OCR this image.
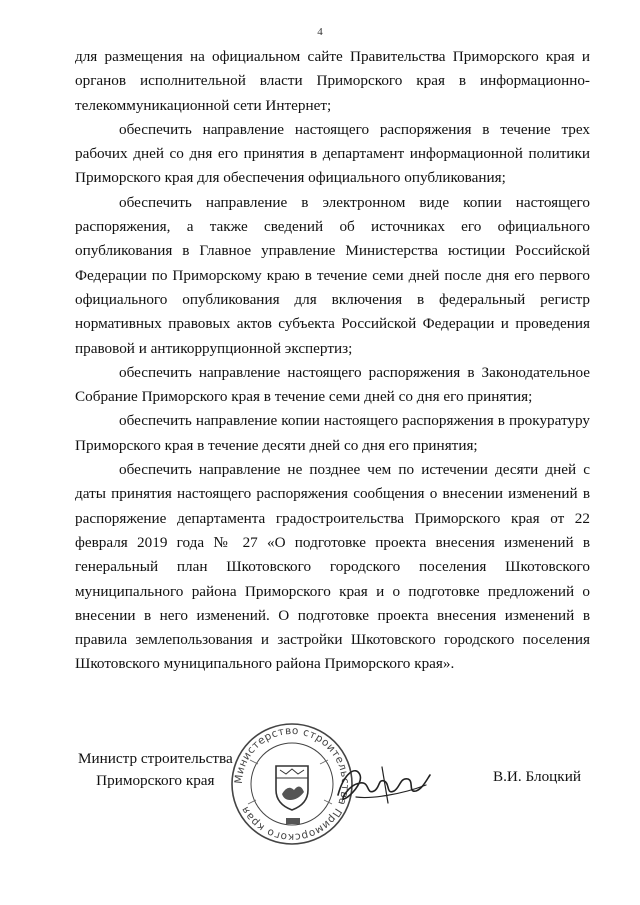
4

для размещения на официальном сайте Правительства Приморского края и органов исполнительной власти Приморского края в информационно-телекоммуникационной сети Интернет;

обеспечить направление настоящего распоряжения в течение трех рабочих дней со дня его принятия в департамент информационной политики Приморского края для обеспечения официального опубликования;

обеспечить направление в электронном виде копии настоящего распоряжения, а также сведений об источниках его официального опубликования в Главное управление Министерства юстиции Российской Федерации по Приморскому краю в течение семи дней после дня его первого официального опубликования для включения в федеральный регистр нормативных правовых актов субъекта Российской Федерации и проведения правовой и антикоррупционной экспертиз;

обеспечить направление настоящего распоряжения в Законодательное Собрание Приморского края в течение семи дней со дня его принятия;

обеспечить направление копии настоящего распоряжения в прокуратуру Приморского края в течение десяти дней со дня его принятия;

обеспечить направление не позднее чем по истечении десяти дней с даты принятия настоящего распоряжения сообщения о внесении изменений в распоряжение департамента градостроительства Приморского края от 22 февраля 2019 года № 27 «О подготовке проекта внесения изменений в генеральный план Шкотовского городского поселения Шкотовского муниципального района Приморского края и о подготовке предложений о внесении в него изменений. О подготовке проекта внесения изменений в правила землепользования и застройки Шкотовского городского поселения Шкотовского муниципального района Приморского края».

Министр строительства
Приморского края	Министерство строительства Приморского края
В.И. Блоцкий
